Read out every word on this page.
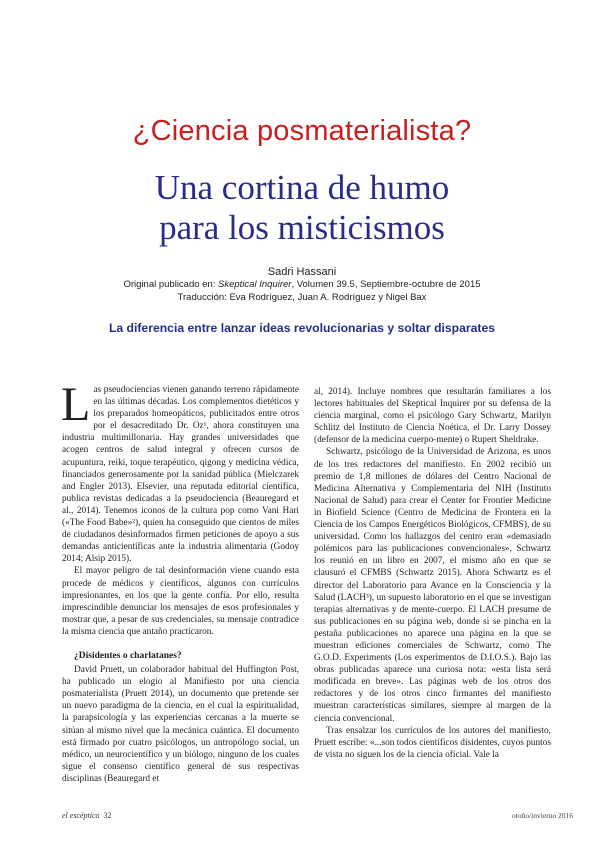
¿Ciencia posmaterialista?
Una cortina de humo
para los misticismos
Sadri Hassani
Original publicado en: Skeptical Inquirer, Volumen 39.5, Septiembre-octubre de 2015
Traducción: Eva Rodríguez, Juan A. Rodríguez y Nigel Bax
La diferencia entre lanzar ideas revolucionarias y soltar disparates

Las pseudociencias vienen ganando terreno rápidamente en las últimas décadas. Los complementos dietéticos y los preparados homeopáticos, publicitados entre otros por el desacreditado Dr. Oz¹, ahora constituyen una industria multimillonaria. Hay grandes universidades que acogen centros de salud integral y ofrecen cursos de acupuntura, reiki, toque terapéutico, qigong y medicina védica, financiados generosamente por la sanidad pública (Mielczarek and Engler 2013). Elsevier, una reputada editorial científica, publica revistas dedicadas a la pseudociencia (Beauregard et al., 2014). Tenemos iconos de la cultura pop como Vani Hari («The Food Babe»²), quien ha conseguido que cientos de miles de ciudadanos desinformados firmen peticiones de apoyo a sus demandas anticientíficas ante la industria alimentaria (Godoy 2014; Alsip 2015).

El mayor peligro de tal desinformación viene cuando esta procede de médicos y científicos, algunos con currículos impresionantes, en los que la gente confía. Por ello, resulta imprescindible denunciar los mensajes de esos profesionales y mostrar que, a pesar de sus credenciales, su mensaje contradice la misma ciencia que antaño practicaron.

¿Disidentes o charlatanes?

David Pruett, un colaborador habitual del Huffington Post, ha publicado un elogio al Manifiesto por una ciencia posmaterialista (Pruett 2014), un documento que pretende ser un nuevo paradigma de la ciencia, en el cual la espiritualidad, la parapsicología y las experiencias cercanas a la muerte se sitúan al mismo nivel que la mecánica cuántica. El documento está firmado por cuatro psicólogos, un antropólogo social, un médico, un neurocientífico y un biólogo, ninguno de los cuales sigue el consenso científico general de sus respectivas disciplinas (Beauregard et

al, 2014). Incluye nombres que resultarán familiares a los lectores habituales del Skeptical Inquirer por su defensa de la ciencia marginal, como el psicólogo Gary Schwartz, Marilyn Schlitz del Instituto de Ciencia Noética, el Dr. Larry Dossey (defensor de la medicina cuerpo-mente) o Rupert Sheldrake.

Schwartz, psicólogo de la Universidad de Arizona, es unos de los tres redactores del manifiesto. En 2002 recibió un premio de 1,8 millones de dólares del Centro Nacional de Medicina Alternativa y Complementaria del NIH (Instituto Nacional de Salud) para crear el Center for Frontier Medicine in Biofield Science (Centro de Medicina de Frontera en la Ciencia de los Campos Energéticos Biológicos, CFMBS), de su universidad. Como los hallazgos del centro eran «demasiado polémicos para las publicaciones convencionales», Schwartz los reunió en un libro en 2007, el mismo año en que se clausuró el CFMBS (Schwartz 2015). Ahora Schwartz es el director del Laboratorio para Avance en la Consciencia y la Salud (LACH³), un supuesto laboratorio en el que se investigan terapias alternativas y de mente-cuerpo. El LACH presume de sus publicaciones en su página web, donde si se pincha en la pestaña publicaciones no aparece una página en la que se muestran ediciones comerciales de Schwartz, como The G.O.D. Experiments (Los experimentos de D.I.O.S.). Bajo las obras publicadas aparece una curiosa nota: «esta lista será modificada en breve». Las páginas web de los otros dos redactores y de los otros cinco firmantes del manifiesto muestran características similares, siempre al margen de la ciencia convencional.

Tras ensalzar los currículos de los autores del manifiesto, Pruett escribe: «...son todos científicos disidentes, cuyos puntos de vista no siguen los de la ciencia oficial. Vale la

el escéptico 32	otoño/invierno 2016
